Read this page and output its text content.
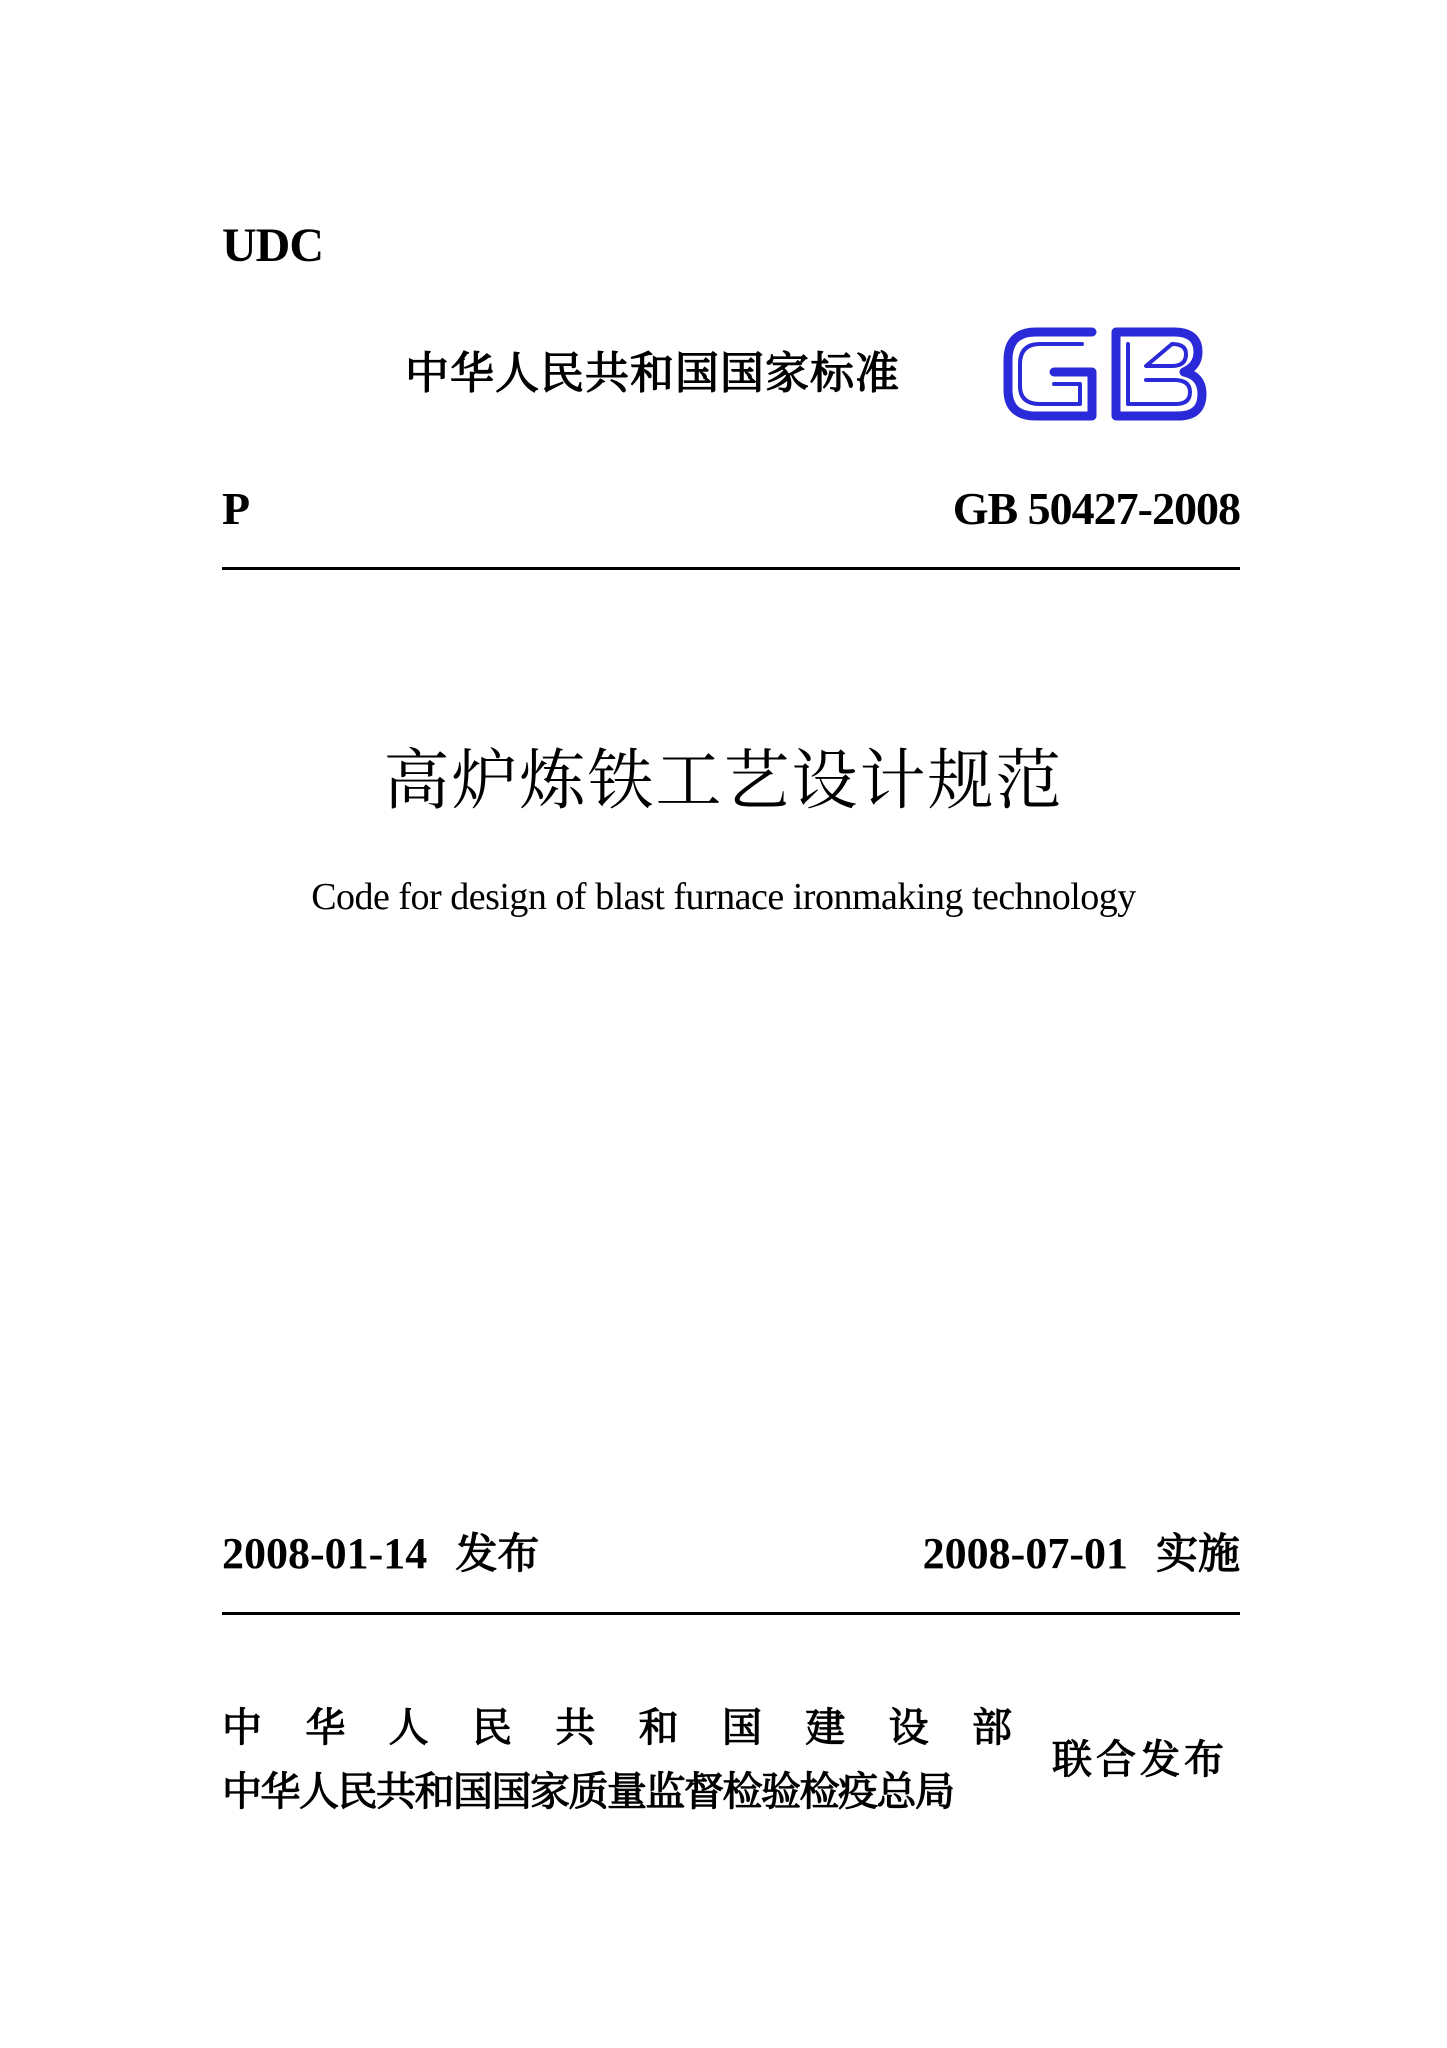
UDC
中华人民共和国国家标准
GB
P	GB 50427-2008
高炉炼铁工艺设计规范
Code for design of blast furnace ironmaking technology
2008-01-14 发布	2008-07-01 实施
中 华 人 民 共 和 国 建 设 部
中华人民共和国国家质量监督检验检疫总局
联合发布
